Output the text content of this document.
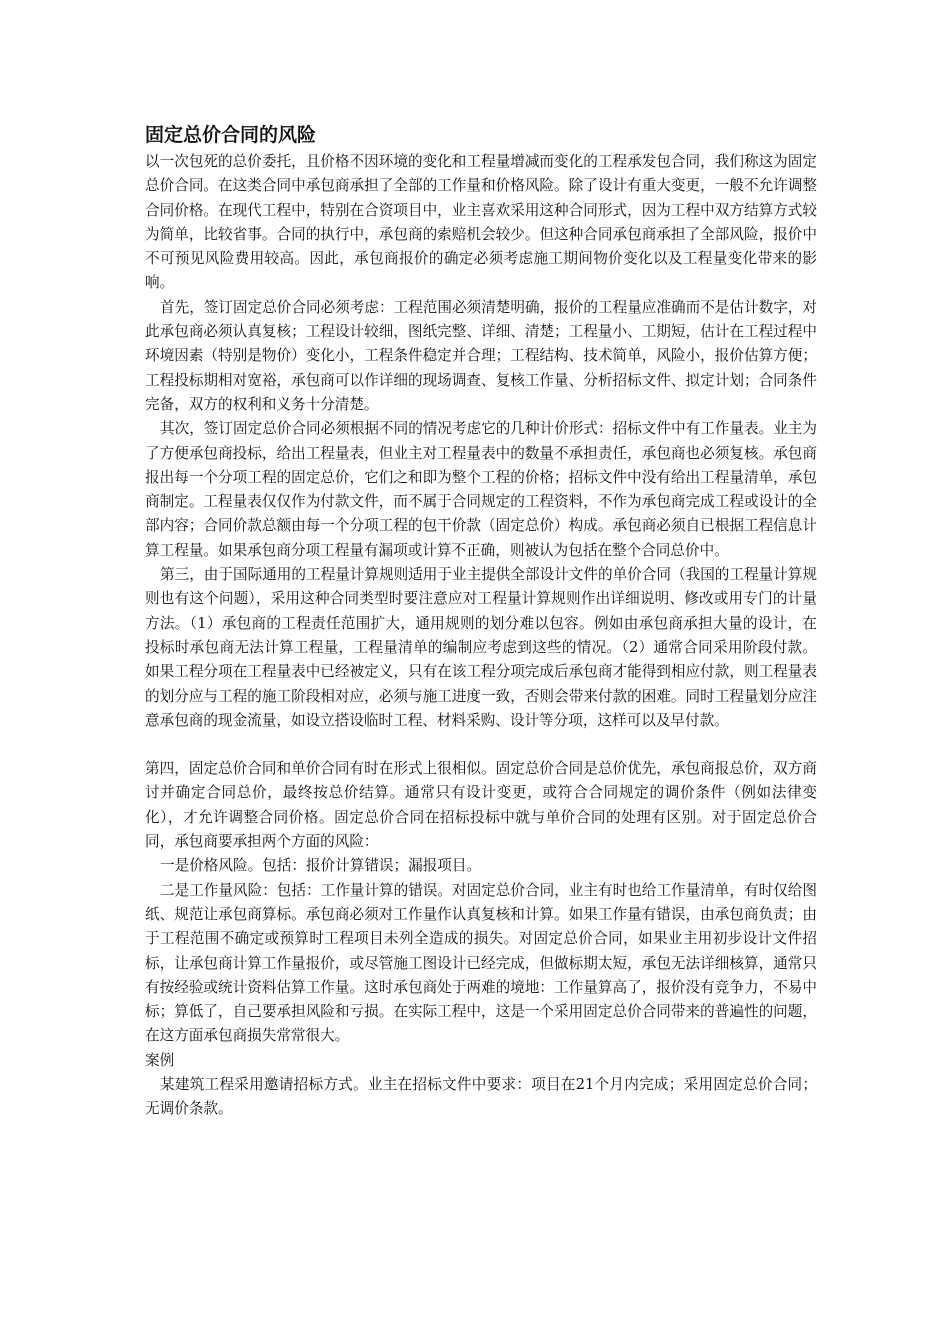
固定总价合同的风险

以一次包死的总价委托，且价格不因环境的变化和工程量增减而变化的工程承发包合同，我们称这为固定总价合同。在这类合同中承包商承担了全部的工作量和价格风险。除了设计有重大变更，一般不允许调整合同价格。在现代工程中，特别在合资项目中，业主喜欢采用这种合同形式，因为工程中双方结算方式较为简单，比较省事。合同的执行中，承包商的索赔机会较少。但这种合同承包商承担了全部风险，报价中不可预见风险费用较高。因此，承包商报价的确定必须考虑施工期间物价变化以及工程量变化带来的影响。

首先，签订固定总价合同必须考虑：工程范围必须清楚明确，报价的工程量应准确而不是估计数字，对此承包商必须认真复核；工程设计较细，图纸完整、详细、清楚；工程量小、工期短，估计在工程过程中环境因素（特别是物价）变化小，工程条件稳定并合理；工程结构、技术简单，风险小，报价估算方便；工程投标期相对宽裕，承包商可以作详细的现场调查、复核工作量、分析招标文件、拟定计划；合同条件完备，双方的权利和义务十分清楚。

其次，签订固定总价合同必须根据不同的情况考虑它的几种计价形式：招标文件中有工作量表。业主为了方便承包商投标，给出工程量表，但业主对工程量表中的数量不承担责任，承包商也必须复核。承包商报出每一个分项工程的固定总价，它们之和即为整个工程的价格；招标文件中没有给出工程量清单，承包商制定。工程量表仅仅作为付款文件，而不属于合同规定的工程资料，不作为承包商完成工程或设计的全部内容；合同价款总额由每一个分项工程的包干价款（固定总价）构成。承包商必须自已根据工程信息计算工程量。如果承包商分项工程量有漏项或计算不正确，则被认为包括在整个合同总价中。

第三，由于国际通用的工程量计算规则适用于业主提供全部设计文件的单价合同（我国的工程量计算规则也有这个问题），采用这种合同类型时要注意应对工程量计算规则作出详细说明、修改或用专门的计量方法。（1）承包商的工程责任范围扩大，通用规则的划分难以包容。例如由承包商承担大量的设计，在投标时承包商无法计算工程量，工程量清单的编制应考虑到这些的情况。（2）通常合同采用阶段付款。如果工程分项在工程量表中已经被定义，只有在该工程分项完成后承包商才能得到相应付款，则工程量表的划分应与工程的施工阶段相对应，必须与施工进度一致，否则会带来付款的困难。同时工程量划分应注意承包商的现金流量，如设立搭设临时工程、材料采购、设计等分项，这样可以及早付款。

第四，固定总价合同和单价合同有时在形式上很相似。固定总价合同是总价优先，承包商报总价，双方商讨并确定合同总价，最终按总价结算。通常只有设计变更，或符合合同规定的调价条件（例如法律变化），才允许调整合同价格。固定总价合同在招标投标中就与单价合同的处理有区别。对于固定总价合同，承包商要承担两个方面的风险：

一是价格风险。包括：报价计算错误；漏报项目。

二是工作量风险：包括：工作量计算的错误。对固定总价合同，业主有时也给工作量清单，有时仅给图纸、规范让承包商算标。承包商必须对工作量作认真复核和计算。如果工作量有错误，由承包商负责；由于工程范围不确定或预算时工程项目未列全造成的损失。对固定总价合同，如果业主用初步设计文件招标，让承包商计算工作量报价，或尽管施工图设计已经完成，但做标期太短，承包无法详细核算，通常只有按经验或统计资料估算工作量。这时承包商处于两难的境地：工作量算高了，报价没有竞争力，不易中标；算低了，自己要承担风险和亏损。在实际工程中，这是一个采用固定总价合同带来的普遍性的问题，在这方面承包商损失常常很大。

案例

某建筑工程采用邀请招标方式。业主在招标文件中要求：项目在21个月内完成；采用固定总价合同；无调价条款。
